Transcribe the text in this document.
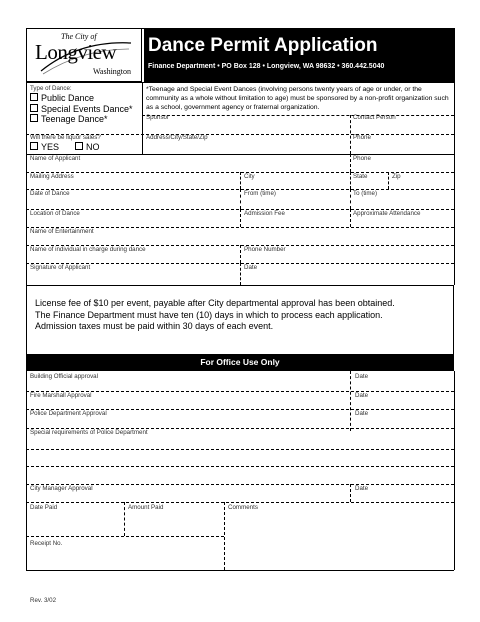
The City of
Longview
Washington
Dance Permit Application
Finance Department • PO Box 128 • Longview, WA 98632 • 360.442.5040
Type of Dance:
Public Dance
Special Events Dance*
Teenage Dance*
*Teenage and Special Event Dances (involving persons twenty years of age or under, or the community as a whole without limitation to age) must be sponsored by a non-profit organization such as a school, government agency or fraternal organization.
Sponsor	Contact Person
Will there be liquor sales?
YES	NO
Address/City/State/Zip	Phone
Name of Applicant	Phone
Mailing Address	City	State	Zip
Date of Dance	From (time)	To (time)
Location of Dance	Admission Fee	Approximate Attendance
Name of Entertainment
Name of individual in charge during dance	Phone Number
Signature of Applicant	Date
License fee of $10 per event, payable after City departmental approval has been obtained.
The Finance Department must have ten (10) days in which to process each application.
Admission taxes must be paid within 30 days of each event.
For Office Use Only
Building Official approval	Date
Fire Marshall Approval	Date
Police Department Approval	Date
Special requirements of Police Department
City Manager Approval	Date
Date Paid	Amount Paid	Comments
Receipt No.
Rev. 3/02
